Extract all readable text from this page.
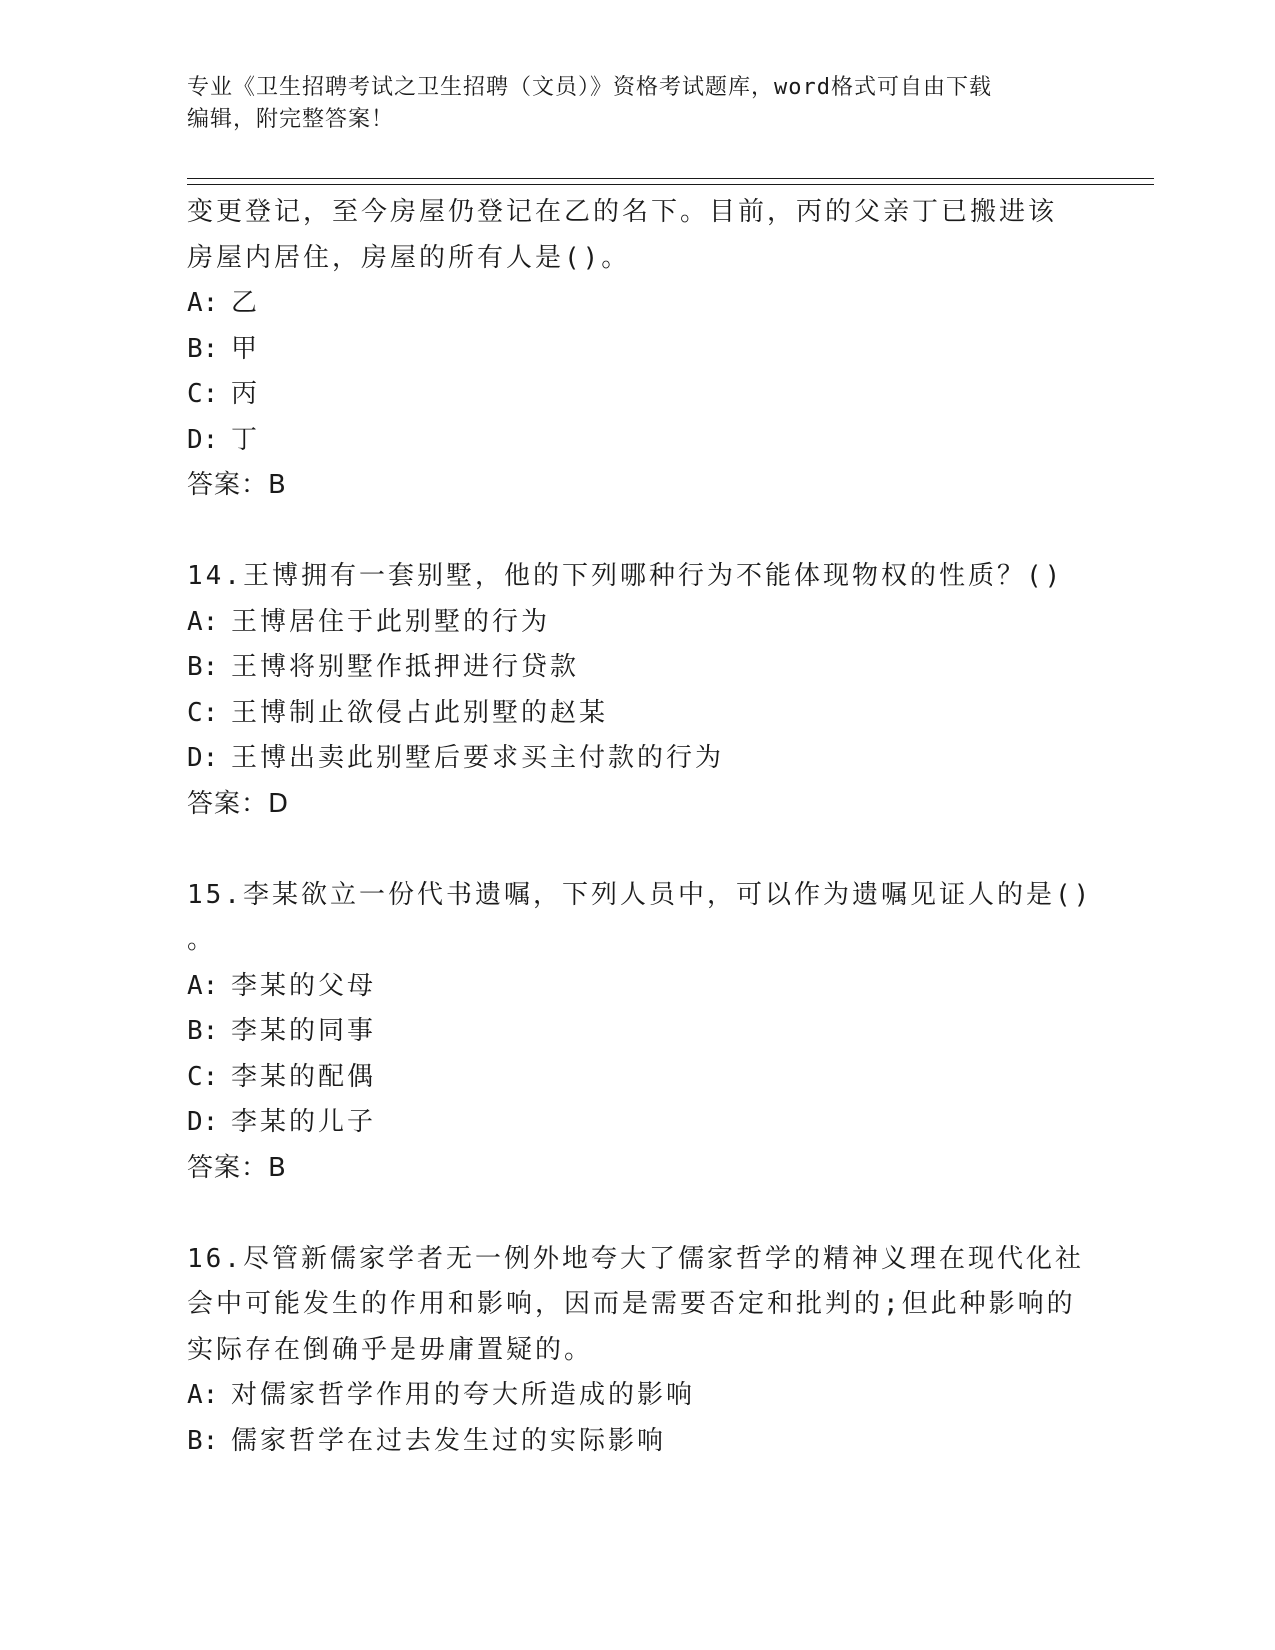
专业《卫生招聘考试之卫生招聘（文员）》资格考试题库，word格式可自由下载

编辑，附完整答案！

变更登记，至今房屋仍登记在乙的名下。目前，丙的父亲丁已搬进该
房屋内居住，房屋的所有人是()。
A: 乙
B: 甲
C: 丙
D: 丁
答案：B
14.王博拥有一套别墅，他的下列哪种行为不能体现物权的性质？()
A: 王博居住于此别墅的行为
B: 王博将别墅作抵押进行贷款
C: 王博制止欲侵占此别墅的赵某
D: 王博出卖此别墅后要求买主付款的行为
答案：D
15.李某欲立一份代书遗嘱，下列人员中，可以作为遗嘱见证人的是()
。
A: 李某的父母
B: 李某的同事
C: 李某的配偶
D: 李某的儿子
答案：B
16.尽管新儒家学者无一例外地夸大了儒家哲学的精神义理在现代化社
会中可能发生的作用和影响，因而是需要否定和批判的;但此种影响的
实际存在倒确乎是毋庸置疑的。
A: 对儒家哲学作用的夸大所造成的影响
B: 儒家哲学在过去发生过的实际影响
